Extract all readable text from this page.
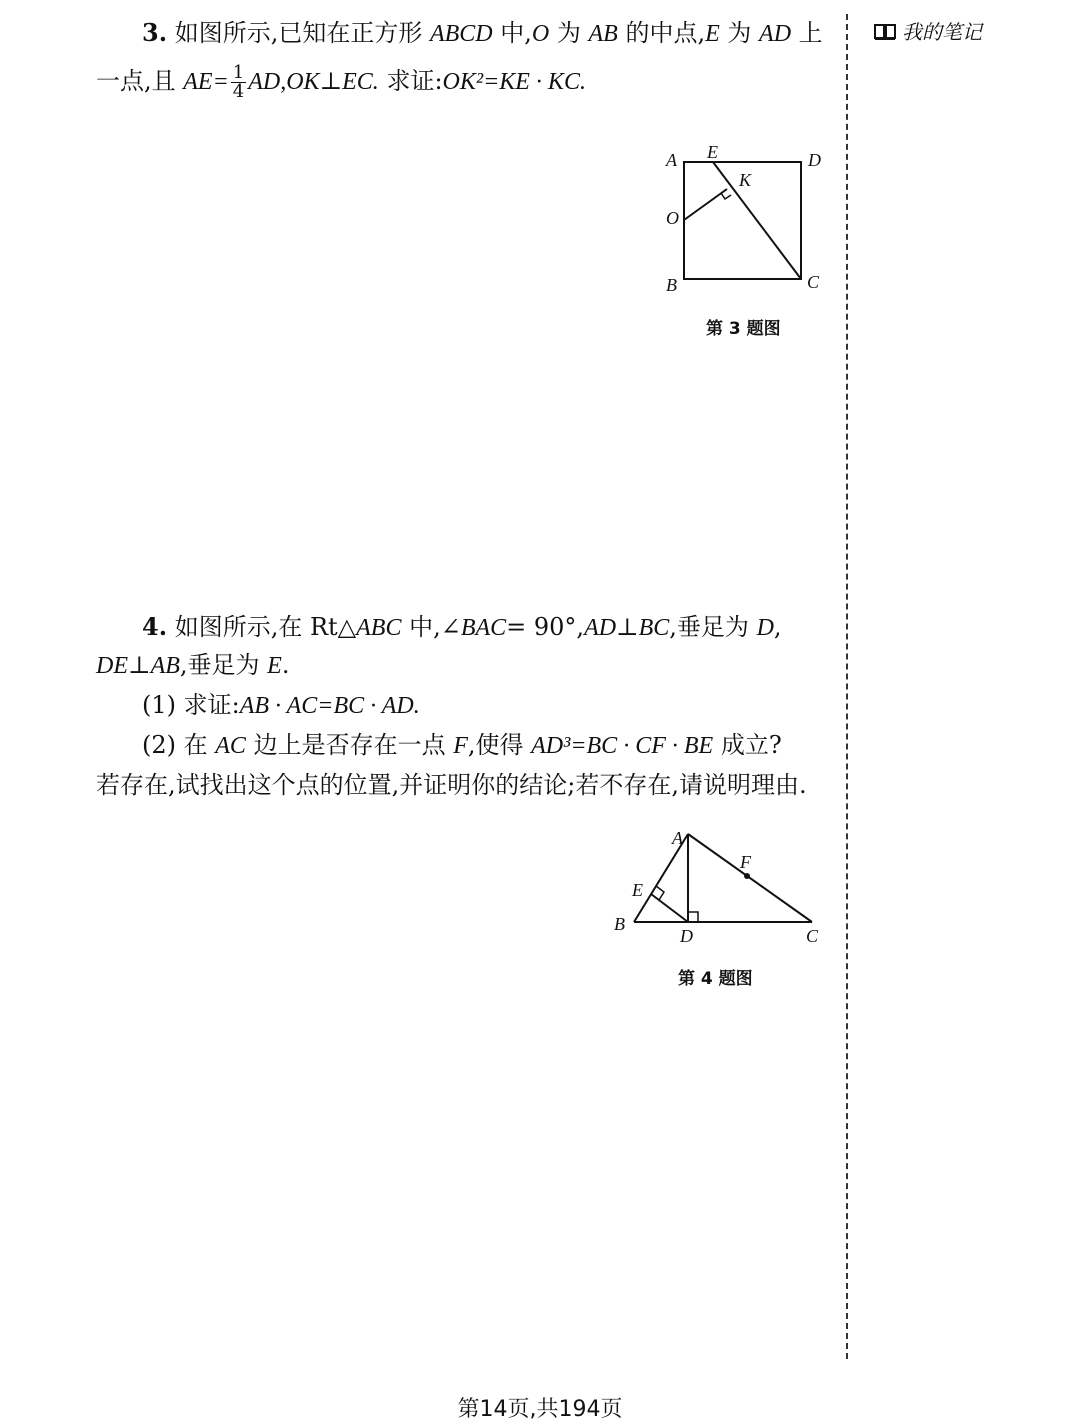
我的笔记
3. 如图所示,已知在正方形 ABCD 中,O 为 AB 的中点,E 为 AD 上
一点,且 $AE= \frac{1}{4}$ AD,OK⊥EC. 求证:OK²=KE · KC.
A E	D
K
O
B	C
第 3 题图
4. 如图所示,在 Rt△ABC 中,∠BAC= 90°,AD⊥BC,垂足为 D,
DE⊥AB,垂足为 E.
(1) 求证:AB · AC=BC · AD.
(2) 在 AC 边上是否存在一点 F,使得 AD³=BC · CF · BE 成立?
若存在,试找出这个点的位置,并证明你的结论;若不存在,请说明理由.
A
F
E
B
D	C
第 4 题图
第14页,共194页
